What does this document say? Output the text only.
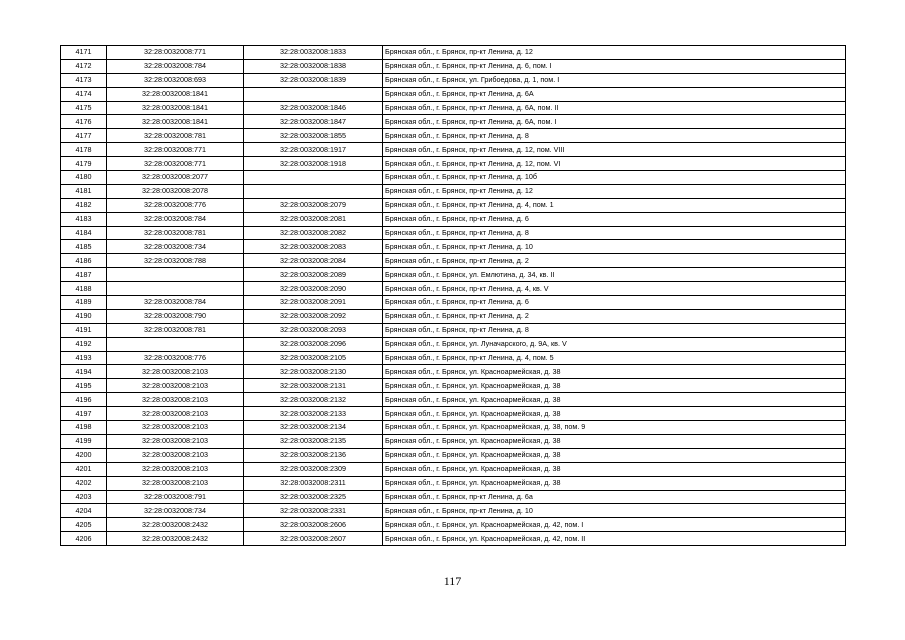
4171	32:28:0032008:771	32:28:0032008:1833	Брянская обл., г. Брянск, пр-кт Ленина, д. 12
4172	32:28:0032008:784	32:28:0032008:1838	Брянская обл., г. Брянск, пр-кт Ленина, д. 6, пом. I
4173	32:28:0032008:693	32:28:0032008:1839	Брянская обл., г. Брянск, ул. Грибоедова, д. 1, пом. I
4174	32:28:0032008:1841		Брянская обл., г. Брянск, пр-кт Ленина, д. 6А
4175	32:28:0032008:1841	32:28:0032008:1846	Брянская обл., г. Брянск, пр-кт Ленина, д. 6А, пом. II
4176	32:28:0032008:1841	32:28:0032008:1847	Брянская обл., г. Брянск, пр-кт Ленина, д. 6А, пом. I
4177	32:28:0032008:781	32:28:0032008:1855	Брянская обл., г. Брянск, пр-кт Ленина, д. 8
4178	32:28:0032008:771	32:28:0032008:1917	Брянская обл., г. Брянск, пр-кт Ленина, д. 12, пом. VIII
4179	32:28:0032008:771	32:28:0032008:1918	Брянская обл., г. Брянск, пр-кт Ленина, д. 12, пом. VI
4180	32:28:0032008:2077		Брянская обл., г. Брянск, пр-кт Ленина, д. 10б
4181	32:28:0032008:2078		Брянская обл., г. Брянск, пр-кт Ленина, д. 12
4182	32:28:0032008:776	32:28:0032008:2079	Брянская обл., г. Брянск, пр-кт Ленина, д. 4, пом. 1
4183	32:28:0032008:784	32:28:0032008:2081	Брянская обл., г. Брянск, пр-кт Ленина, д. 6
4184	32:28:0032008:781	32:28:0032008:2082	Брянская обл., г. Брянск, пр-кт Ленина, д. 8
4185	32:28:0032008:734	32:28:0032008:2083	Брянская обл., г. Брянск, пр-кт Ленина, д. 10
4186	32:28:0032008:788	32:28:0032008:2084	Брянская обл., г. Брянск, пр-кт Ленина, д. 2
4187		32:28:0032008:2089	Брянская обл., г. Брянск, ул. Емлютина, д. 34, кв. II
4188		32:28:0032008:2090	Брянская обл., г. Брянск, пр-кт Ленина, д. 4, кв. V
4189	32:28:0032008:784	32:28:0032008:2091	Брянская обл., г. Брянск, пр-кт Ленина, д. 6
4190	32:28:0032008:790	32:28:0032008:2092	Брянская обл., г. Брянск, пр-кт Ленина, д. 2
4191	32:28:0032008:781	32:28:0032008:2093	Брянская обл., г. Брянск, пр-кт Ленина, д. 8
4192		32:28:0032008:2096	Брянская обл., г. Брянск, ул. Луначарского, д. 9А, кв. V
4193	32:28:0032008:776	32:28:0032008:2105	Брянская обл., г. Брянск, пр-кт Ленина, д. 4, пом. 5
4194	32:28:0032008:2103	32:28:0032008:2130	Брянская обл., г. Брянск, ул. Красноармейская, д. 38
4195	32:28:0032008:2103	32:28:0032008:2131	Брянская обл., г. Брянск, ул. Красноармейская, д. 38
4196	32:28:0032008:2103	32:28:0032008:2132	Брянская обл., г. Брянск, ул. Красноармейская, д. 38
4197	32:28:0032008:2103	32:28:0032008:2133	Брянская обл., г. Брянск, ул. Красноармейская, д. 38
4198	32:28:0032008:2103	32:28:0032008:2134	Брянская обл., г. Брянск, ул. Красноармейская, д. 38, пом. 9
4199	32:28:0032008:2103	32:28:0032008:2135	Брянская обл., г. Брянск, ул. Красноармейская, д. 38
4200	32:28:0032008:2103	32:28:0032008:2136	Брянская обл., г. Брянск, ул. Красноармейская, д. 38
4201	32:28:0032008:2103	32:28:0032008:2309	Брянская обл., г. Брянск, ул. Красноармейская, д. 38
4202	32:28:0032008:2103	32:28:0032008:2311	Брянская обл., г. Брянск, ул. Красноармейская, д. 38
4203	32:28:0032008:791	32:28:0032008:2325	Брянская обл., г. Брянск, пр-кт Ленина, д. 6а
4204	32:28:0032008:734	32:28:0032008:2331	Брянская обл., г. Брянск, пр-кт Ленина, д. 10
4205	32:28:0032008:2432	32:28:0032008:2606	Брянская обл., г. Брянск, ул. Красноармейская, д. 42, пом. I
4206	32:28:0032008:2432	32:28:0032008:2607	Брянская обл., г. Брянск, ул. Красноармейская, д. 42, пом. II
117
